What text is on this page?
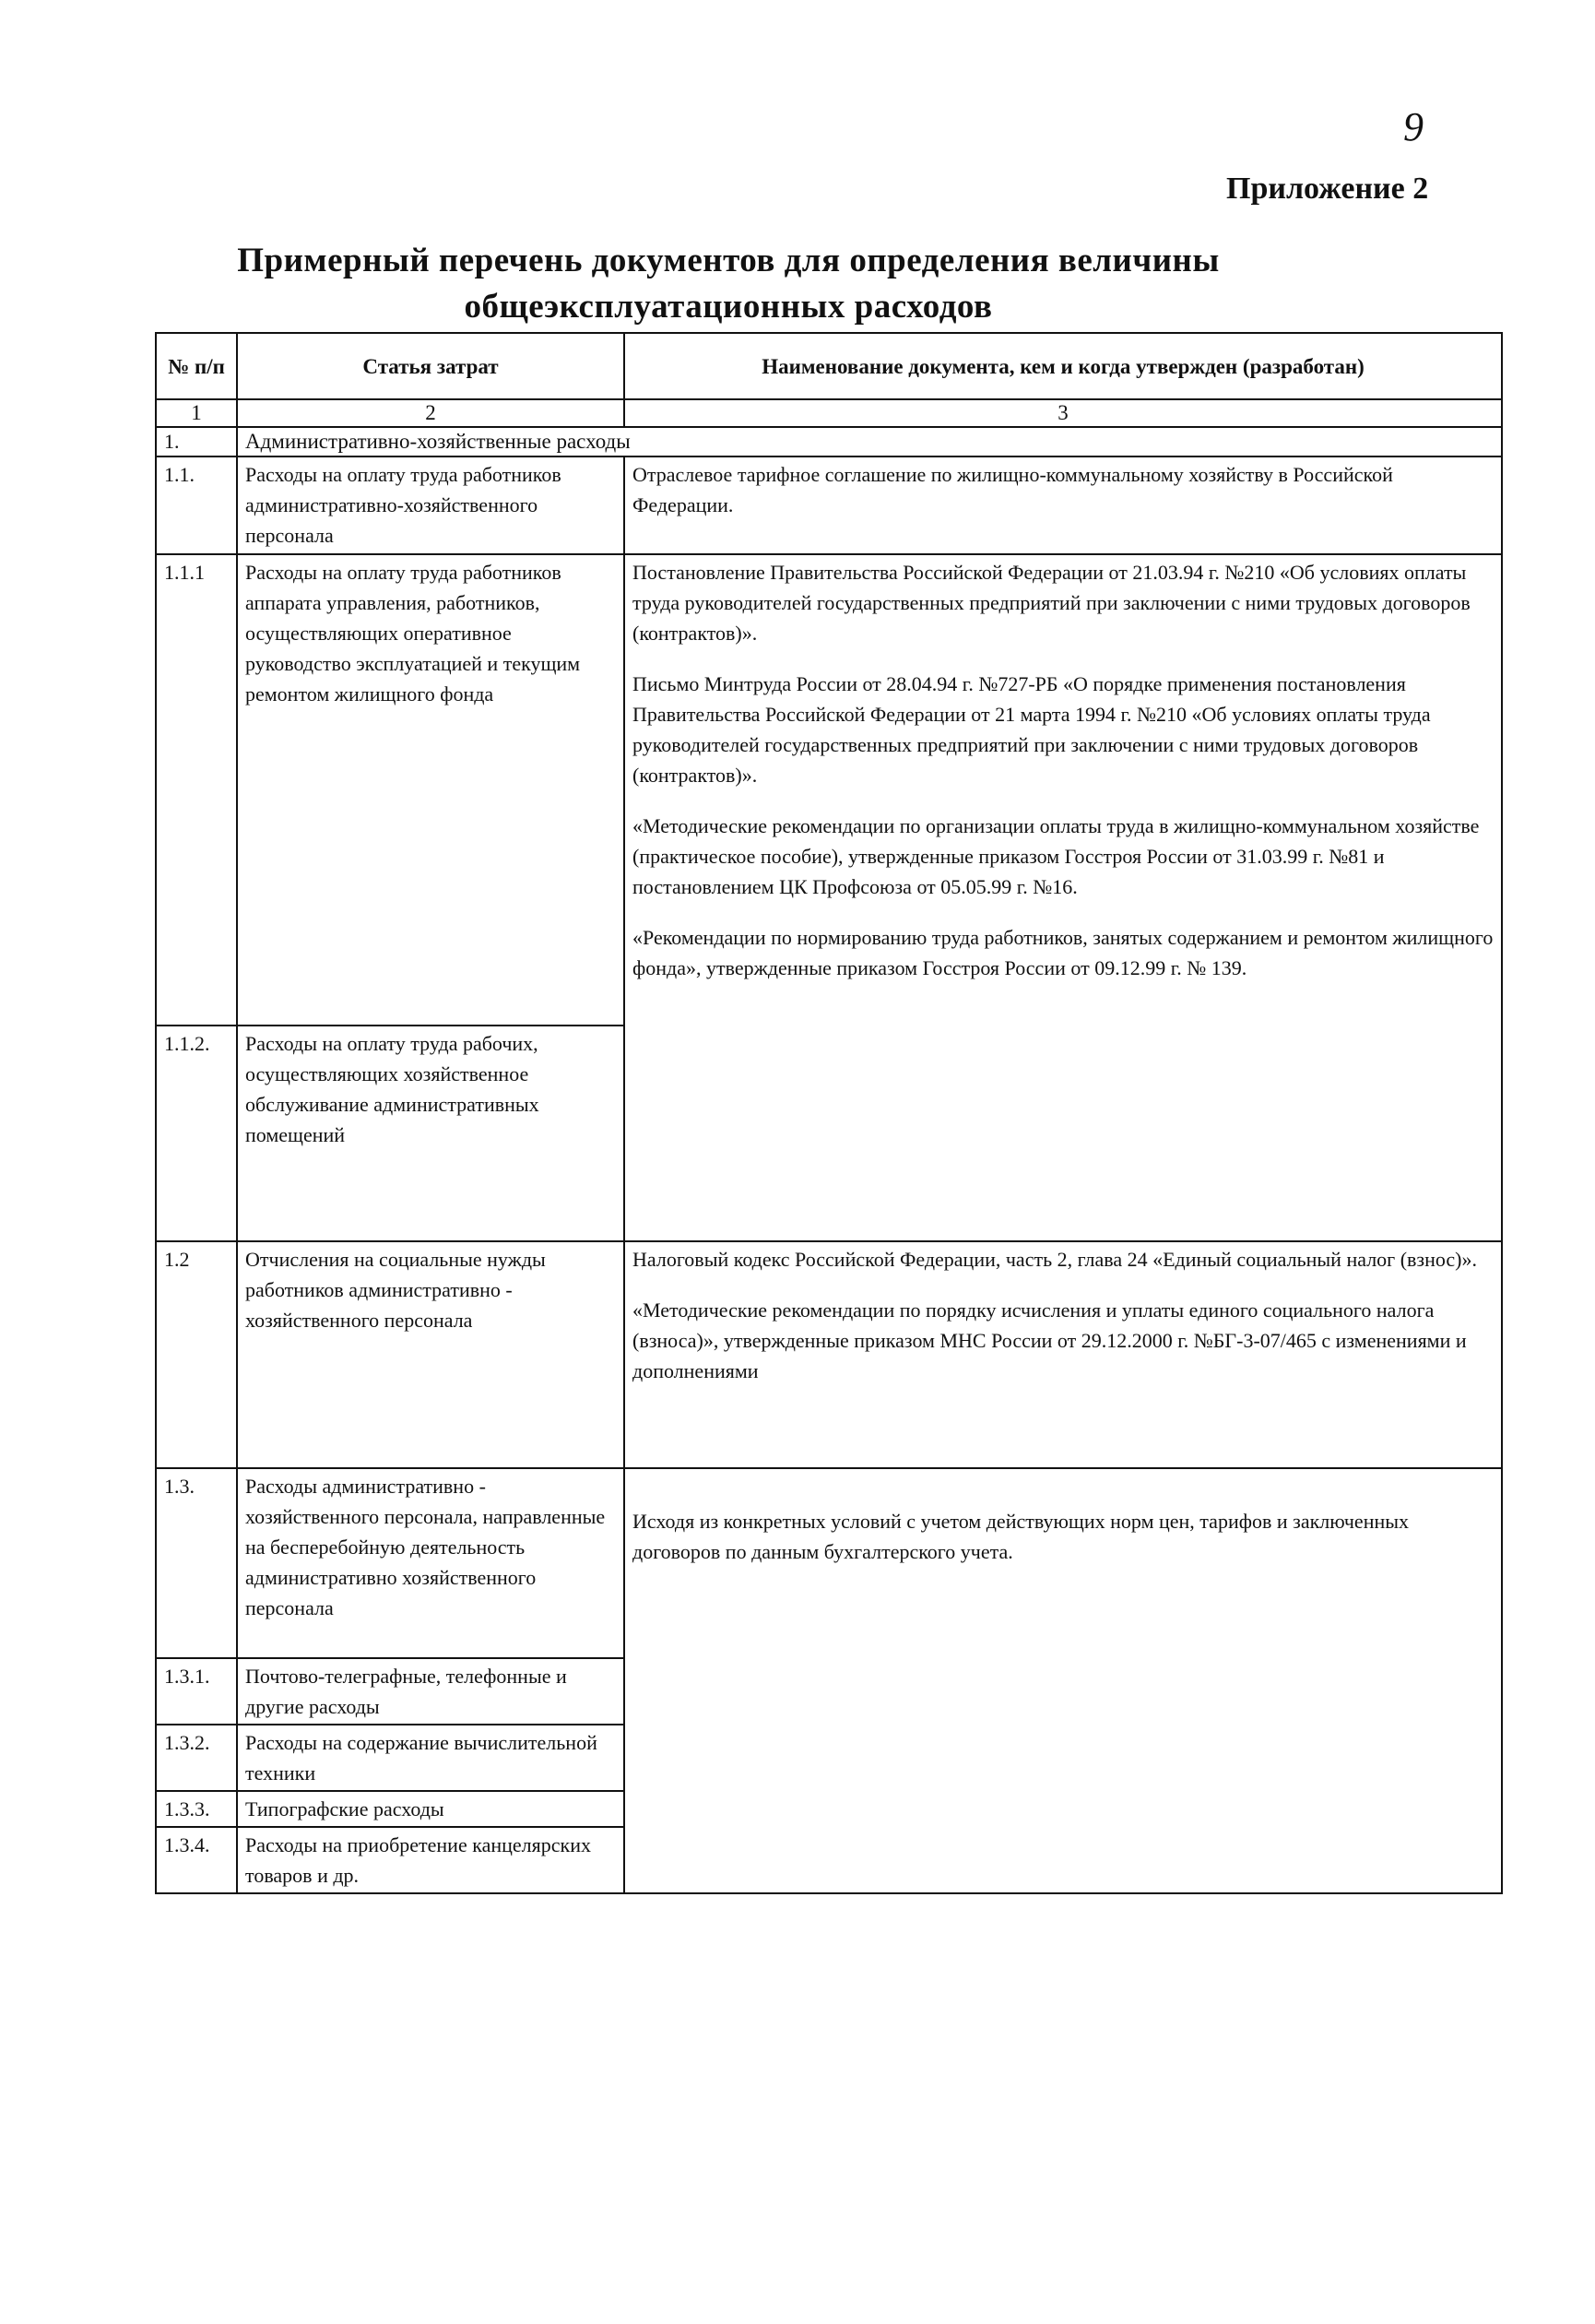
9
Приложение 2
Примерный перечень документов для определения величины
общеэксплуатационных расходов
№ п/п	Статья затрат	Наименование документа, кем и когда утвержден (разработан)
1	2	3
1.	Административно-хозяйственные расходы	
1.1.	Расходы на оплату труда работников административно-хозяйственного персонала	Отраслевое тарифное соглашение по жилищно-коммунальному хозяйству в Российской Федерации.

1.1.1	Расходы на оплату труда работников аппарата управления, работников, осуществляющих оперативное руководство эксплуатацией и текущим ремонтом жилищного фонда	Постановление Правительства Российской Федерации от 21.03.94 г. №210 «Об условиях оплаты труда руководителей государственных предприятий при заключении с ними трудовых договоров (контрактов)».

Письмо Минтруда России от 28.04.94 г. №727-РБ «О порядке применения постановления Правительства Российской Федерации от 21 марта 1994 г. №210 «Об условиях оплаты труда руководителей государственных предприятий при заключении с ними трудовых договоров (контрактов)».

«Методические рекомендации по организации оплаты труда в жилищно-коммунальном хозяйстве (практическое пособие), утвержденные приказом Госстроя России от 31.03.99 г. №81 и постановлением ЦК Профсоюза от 05.05.99 г. №16.

«Рекомендации по нормированию труда работников, занятых содержанием и ремонтом жилищного фонда», утвержденные приказом Госстроя России от 09.12.99 г. № 139.

1.1.2.	Расходы на оплату труда рабочих, осуществляющих хозяйственное обслуживание административных помещений	
1.2	Отчисления на социальные нужды работников административно - хозяйственного персонала	Налоговый кодекс Российской Федерации, часть 2, глава 24 «Единый социальный налог (взнос)».

«Методические рекомендации по порядку исчисления и уплаты единого социального налога (взноса)», утвержденные приказом МНС России от 29.12.2000 г. №БГ-3-07/465 с изменениями и дополнениями

1.3.	Расходы административно - хозяйственного персонала, направленные на бесперебойную деятельность административно хозяйственного персонала	Исходя из конкретных условий с учетом действующих норм цен, тарифов и заключенных договоров по данным бухгалтерского учета.

1.3.1.	Почтово-телеграфные, телефонные и другие расходы	
1.3.2.	Расходы на содержание вычислительной техники	
1.3.3.	Типографские расходы	
1.3.4.	Расходы на приобретение канцелярских товаров и др.	
